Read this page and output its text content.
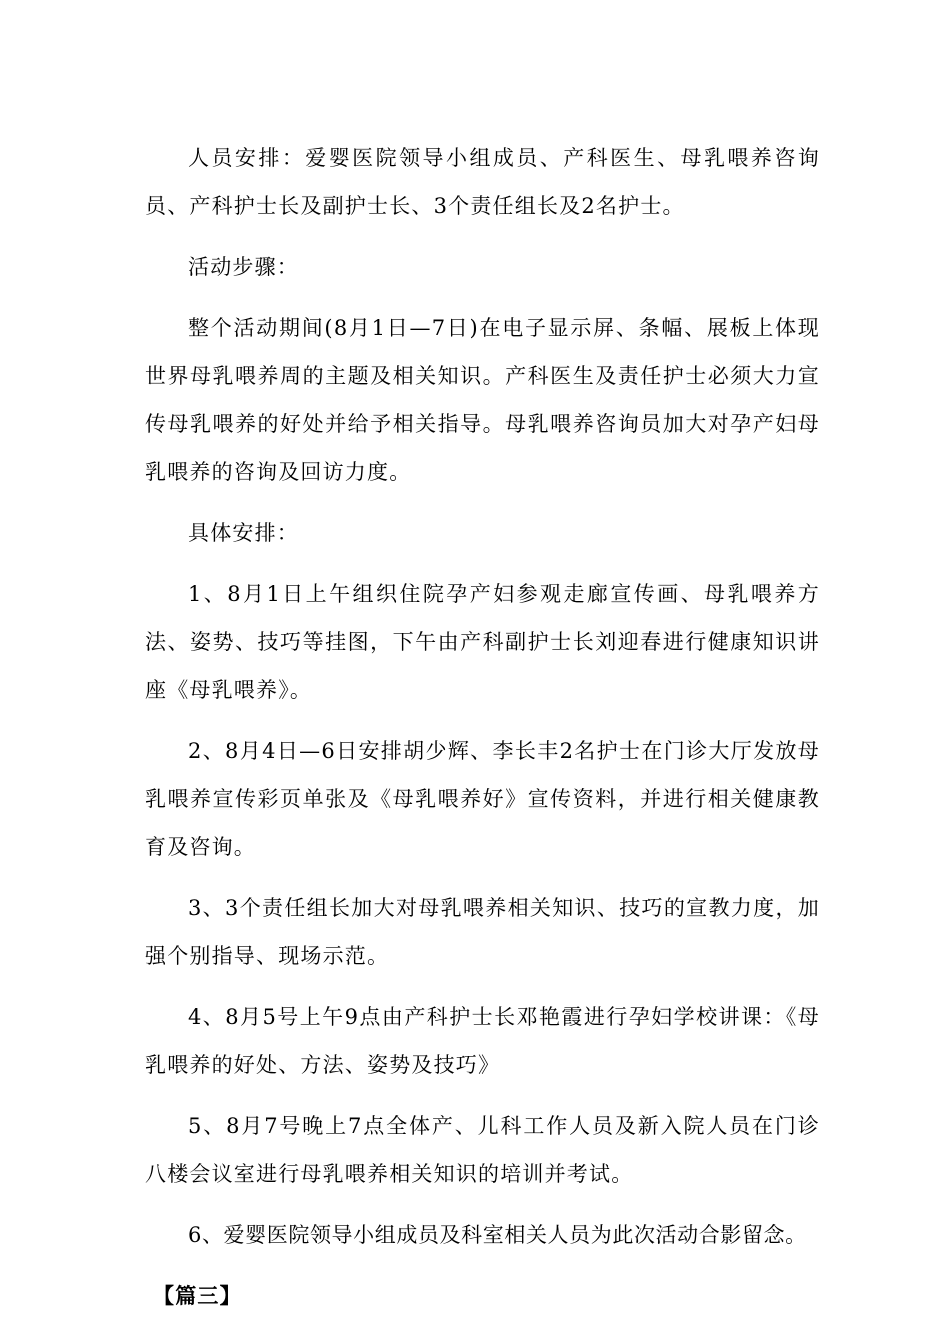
人员安排：爱婴医院领导小组成员、产科医生、母乳喂养咨询员、产科护士长及副护士长、3个责任组长及2名护士。

活动步骤：

整个活动期间(8月1日—7日)在电子显示屏、条幅、展板上体现世界母乳喂养周的主题及相关知识。产科医生及责任护士必须大力宣传母乳喂养的好处并给予相关指导。母乳喂养咨询员加大对孕产妇母乳喂养的咨询及回访力度。

具体安排：

1、8月1日上午组织住院孕产妇参观走廊宣传画、母乳喂养方法、姿势、技巧等挂图，下午由产科副护士长刘迎春进行健康知识讲座《母乳喂养》。

2、8月4日—6日安排胡少辉、李长丰2名护士在门诊大厅发放母乳喂养宣传彩页单张及《母乳喂养好》宣传资料，并进行相关健康教育及咨询。

3、3个责任组长加大对母乳喂养相关知识、技巧的宣教力度，加强个别指导、现场示范。

4、8月5号上午9点由产科护士长邓艳霞进行孕妇学校讲课：《母乳喂养的好处、方法、姿势及技巧》

5、8月7号晚上7点全体产、儿科工作人员及新入院人员在门诊八楼会议室进行母乳喂养相关知识的培训并考试。

6、爱婴医院领导小组成员及科室相关人员为此次活动合影留念。

【篇三】
